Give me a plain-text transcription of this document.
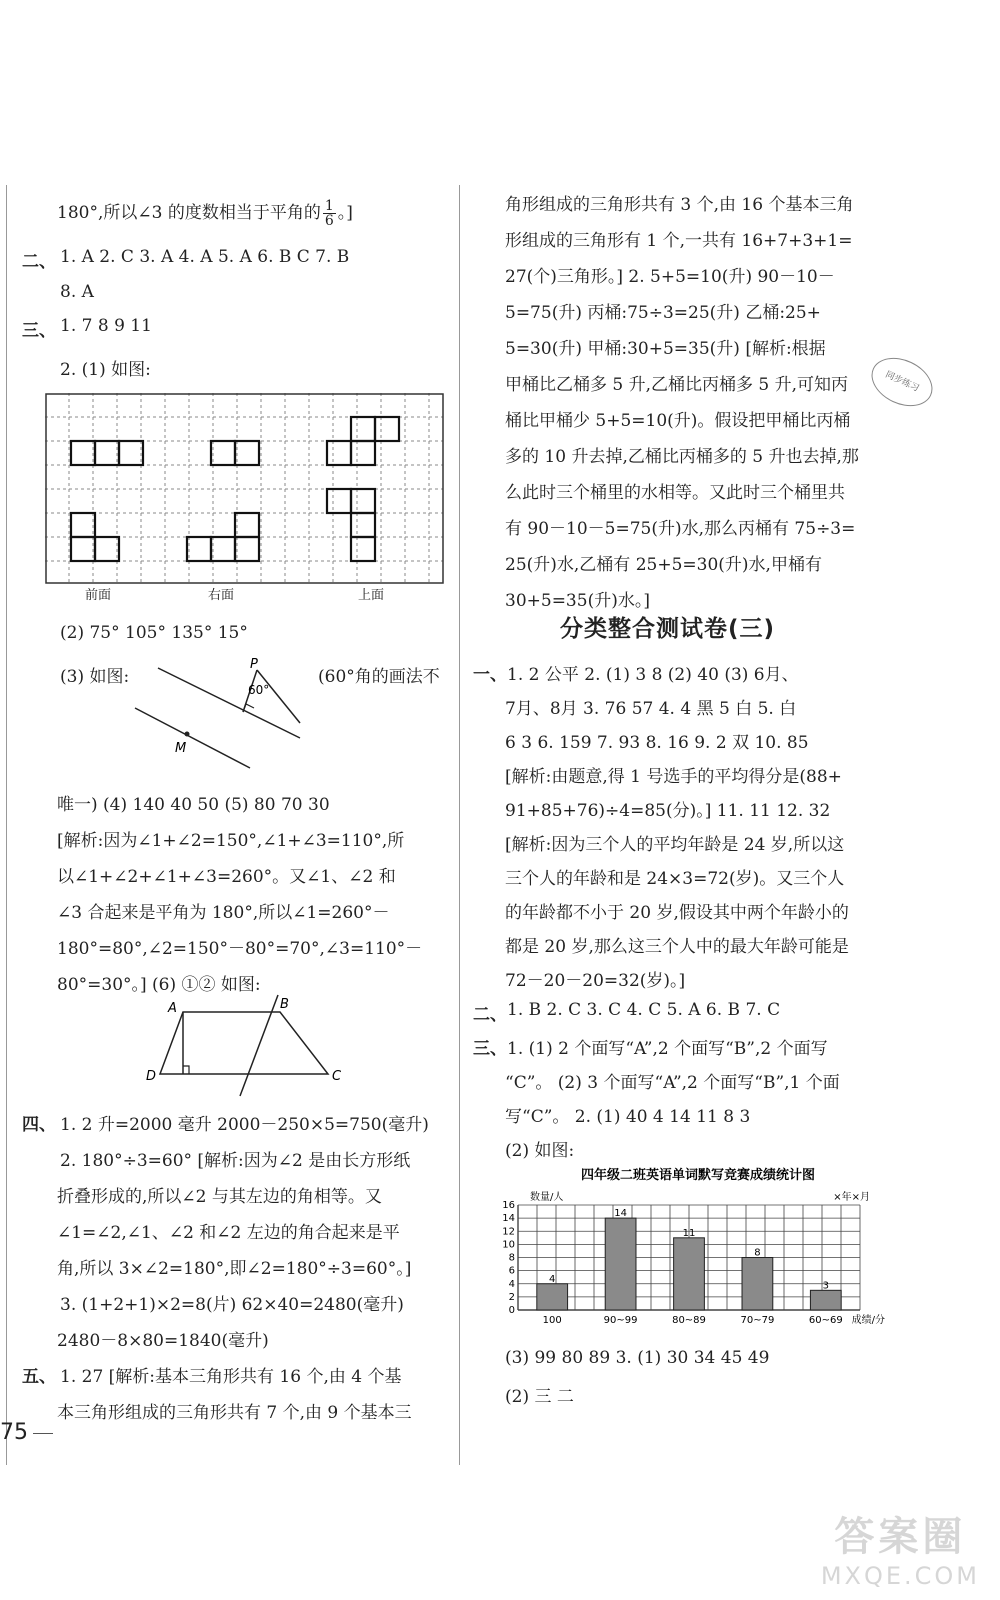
180°,所以∠3 的度数相当于平角的 $\frac{1}{6}$ 。]
二、 1. A 2. C 3. A 4. A 5. A 6. B C 7. B
8. A
三、 1. 7 8 9 11
2. (1) 如图:
前面	右面	上面
(2) 75° 105° 135° 15°
(3) 如图:	(60°角的画法不
P
M
60°
唯一) (4) 140 40 50 (5) 80 70 30
[解析:因为∠1+∠2=150°,∠1+∠3=110°,所
以∠1+∠2+∠1+∠3=260°。又∠1、∠2 和
∠3 合起来是平角为 180°,所以∠1=260°－
180°=80°,∠2=150°－80°=70°,∠3=110°－
80°=30°。] (6) ①② 如图:
A	B
C
D
四、 1. 2 升=2000 毫升 2000－250×5=750(毫升)
2. 180°÷3=60° [解析:因为∠2 是由长方形纸
折叠形成的,所以∠2 与其左边的角相等。又
∠1=∠2,∠1、∠2 和∠2 左边的角合起来是平
角,所以 3×∠2=180°,即∠2=180°÷3=60°。]
3. (1+2+1)×2=8(片) 62×40=2480(毫升)
2480－8×80=1840(毫升)
五、 1. 27 [解析:基本三角形共有 16 个,由 4 个基
本三角形组成的三角形共有 7 个,由 9 个基本三
75
角形组成的三角形共有 3 个,由 16 个基本三角
形组成的三角形有 1 个,一共有 16+7+3+1=
27(个)三角形。] 2. 5+5=10(升) 90－10－
5=75(升) 丙桶:75÷3=25(升) 乙桶:25+
5=30(升) 甲桶:30+5=35(升) [解析:根据
甲桶比乙桶多 5 升,乙桶比丙桶多 5 升,可知丙
桶比甲桶少 5+5=10(升)。假设把甲桶比丙桶
多的 10 升去掉,乙桶比丙桶多的 5 升也去掉,那
么此时三个桶里的水相等。又此时三个桶里共
有 90－10－5=75(升)水,那么丙桶有 75÷3=
25(升)水,乙桶有 25+5=30(升)水,甲桶有
30+5=35(升)水。]
一、 1. 2 公平 2. (1) 3 8 (2) 40 (3) 6月、
7月、8月 3. 76 57 4. 4 黑 5 白 5. 白
6 3 6. 159 7. 93 8. 16 9. 2 双 10. 85
[解析:由题意,得 1 号选手的平均得分是(88+
91+85+76)÷4=85(分)。] 11. 11 12. 32
[解析:因为三个人的平均年龄是 24 岁,所以这
三个人的年龄和是 24×3=72(岁)。又三个人
的年龄都不小于 20 岁,假设其中两个年龄小的
都是 20 岁,那么这三个人中的最大年龄可能是
72－20－20=32(岁)。]
二、 1. B 2. C 3. C 4. C 5. A 6. B 7. C
三、 1. (1) 2 个面写“A”,2 个面写“B”,2 个面写
“C”。 (2) 3 个面写“A”,2 个面写“B”,1 个面
写“C”。 2. (1) 40 4 14 11 8 3
(2) 如图:
(3) 99 80 89 3. (1) 30 34 45 49
(2) 三 二
分类整合测试卷(三)
同步练习
四年级二班英语单词默写竞赛成绩统计图
数量/人	×年×月
成绩/分
0
2
4
6
8
10
12
14
16
4
100
14
90~99
11
80~89
8
70~79
3
60~69
答案圈
MXQE.COM
